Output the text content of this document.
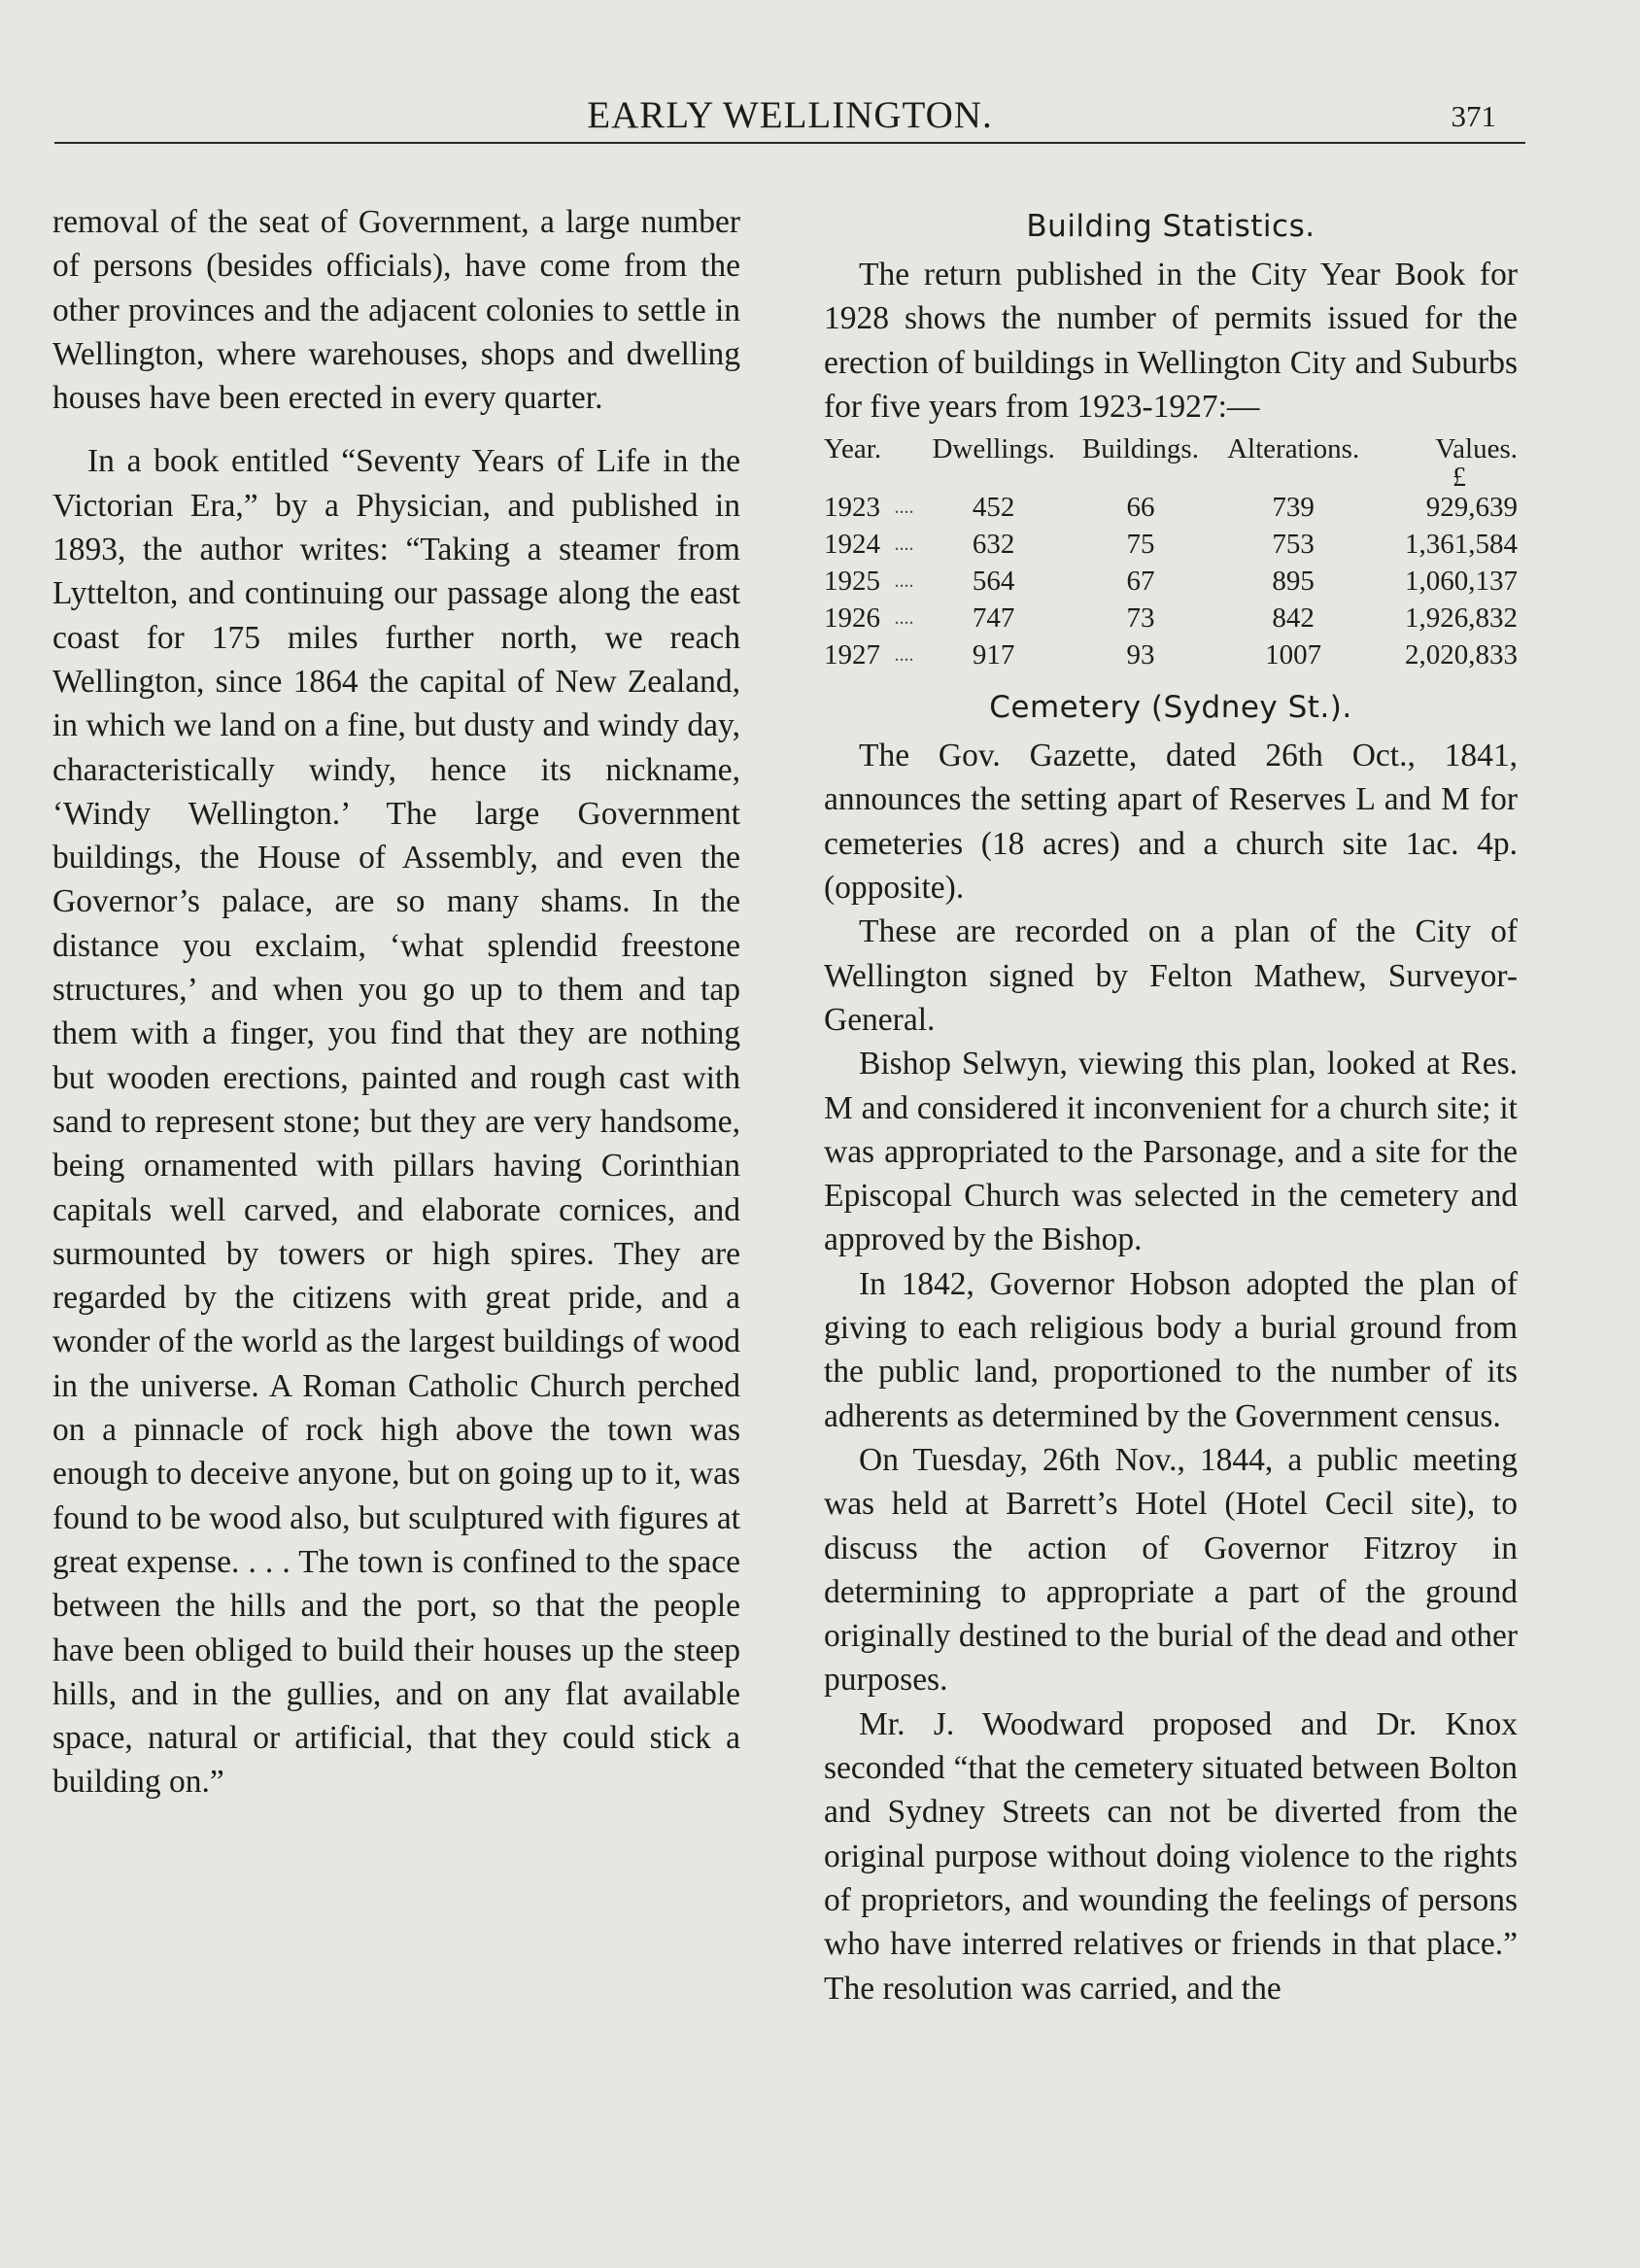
EARLY WELLINGTON.	371

removal of the seat of Government, a large number of persons (besides officials), have come from the other provinces and the adjacent colonies to settle in Wellington, where warehouses, shops and dwelling houses have been erected in every quarter.

In a book entitled “Seventy Years of Life in the Victorian Era,” by a Physician, and published in 1893, the author writes: “Taking a steamer from Lyttelton, and continuing our passage along the east coast for 175 miles further north, we reach Wellington, since 1864 the capital of New Zealand, in which we land on a fine, but dusty and windy day, characteristically windy, hence its nickname, ‘Windy Wellington.’ The large Government buildings, the House of Assembly, and even the Governor’s palace, are so many shams. In the distance you exclaim, ‘what splendid freestone structures,’ and when you go up to them and tap them with a finger, you find that they are nothing but wooden erections, painted and rough cast with sand to represent stone; but they are very handsome, being ornamented with pillars having Corinthian capitals well carved, and elaborate cornices, and surmounted by towers or high spires. They are regarded by the citizens with great pride, and a wonder of the world as the largest buildings of wood in the universe. A Roman Catholic Church perched on a pinnacle of rock high above the town was enough to deceive anyone, but on going up to it, was found to be wood also, but sculptured with figures at great expense. . . . The town is confined to the space between the hills and the port, so that the people have been obliged to build their houses up the steep hills, and in the gullies, and on any flat available space, natural or artificial, that they could stick a building on.”

Building Statistics.

The return published in the City Year Book for 1928 shows the number of permits issued for the erection of buildings in Wellington City and Suburbs for five years from 1923-1927:—

Year.		Dwellings.	Buildings.	Alterations.	Values.
					£
1923	....	452	66	739	929,639
1924	....	632	75	753	1,361,584
1925	....	564	67	895	1,060,137
1926	....	747	73	842	1,926,832
1927	....	917	93	1007	2,020,833

Cemetery (Sydney St.).

The Gov. Gazette, dated 26th Oct., 1841, announces the setting apart of Reserves L and M for cemeteries (18 acres) and a church site 1ac. 4p. (opposite).

These are recorded on a plan of the City of Wellington signed by Felton Mathew, Surveyor-General.

Bishop Selwyn, viewing this plan, looked at Res. M and considered it inconvenient for a church site; it was appropriated to the Parsonage, and a site for the Episcopal Church was selected in the cemetery and approved by the Bishop.

In 1842, Governor Hobson adopted the plan of giving to each religious body a burial ground from the public land, proportioned to the number of its adherents as determined by the Government census.

On Tuesday, 26th Nov., 1844, a public meeting was held at Barrett’s Hotel (Hotel Cecil site), to discuss the action of Governor Fitzroy in determining to appropriate a part of the ground originally destined to the burial of the dead and other purposes.

Mr. J. Woodward proposed and Dr. Knox seconded “that the cemetery situated between Bolton and Sydney Streets can not be diverted from the original purpose without doing violence to the rights of proprietors, and wounding the feelings of persons who have interred relatives or friends in that place.” The resolution was carried, and the
